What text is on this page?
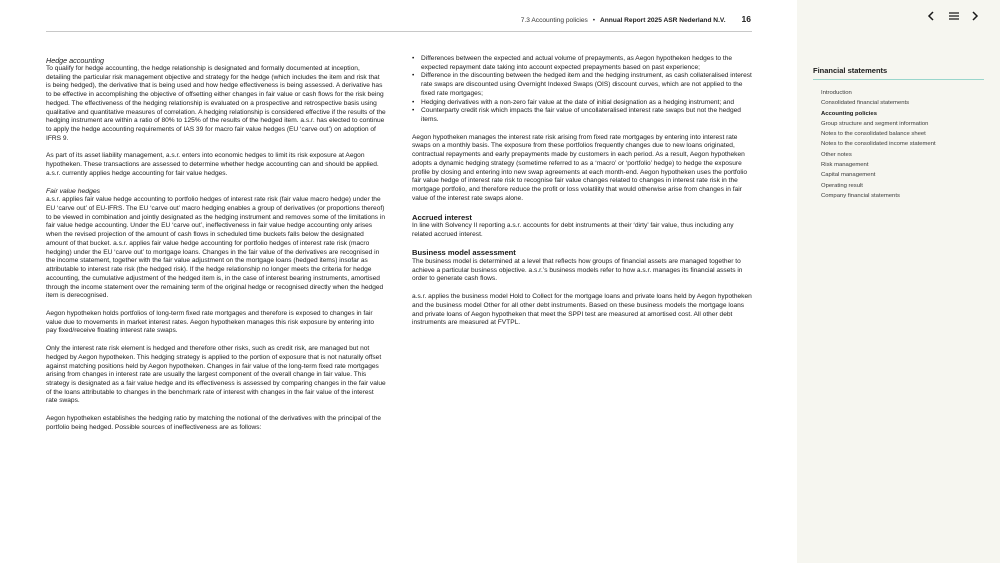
7.3 Accounting policies • Annual Report 2025 ASR Nederland N.V. 16
Hedge accounting

To qualify for hedge accounting, the hedge relationship is designated and formally documented at inception, detailing the particular risk management objective and strategy for the hedge (which includes the item and risk that is being hedged), the derivative that is being used and how hedge effectiveness is being assessed. A derivative has to be effective in accomplishing the objective of offsetting either changes in fair value or cash flows for the risk being hedged. The effectiveness of the hedging relationship is evaluated on a prospective and retrospective basis using qualitative and quantitative measures of correlation. A hedging relationship is considered effective if the results of the hedging instrument are within a ratio of 80% to 125% of the results of the hedged item. a.s.r. has elected to continue to apply the hedge accounting requirements of IAS 39 for macro fair value hedges (EU ‘carve out’) on adoption of IFRS 9.

As part of its asset liability management, a.s.r. enters into economic hedges to limit its risk exposure at Aegon hypotheken. These transactions are assessed to determine whether hedge accounting can and should be applied. a.s.r. currently applies hedge accounting for fair value hedges.

Fair value hedges

a.s.r. applies fair value hedge accounting to portfolio hedges of interest rate risk (fair value macro hedge) under the EU ‘carve out’ of EU-IFRS. The EU ‘carve out’ macro hedging enables a group of derivatives (or proportions thereof) to be viewed in combination and jointly designated as the hedging instrument and removes some of the limitations in fair value hedge accounting. Under the EU ‘carve out’, ineffectiveness in fair value hedge accounting only arises when the revised projection of the amount of cash flows in scheduled time buckets falls below the designated amount of that bucket. a.s.r. applies fair value hedge accounting for portfolio hedges of interest rate risk (macro hedging) under the EU ‘carve out’ to mortgage loans. Changes in the fair value of the derivatives are recognised in the income statement, together with the fair value adjustment on the mortgage loans (hedged items) insofar as attributable to interest rate risk (the hedged risk). If the hedge relationship no longer meets the criteria for hedge accounting, the cumulative adjustment of the hedged item is, in the case of interest bearing instruments, amortised through the income statement over the remaining term of the original hedge or recognised directly when the hedged item is derecognised.

Aegon hypotheken holds portfolios of long-term fixed rate mortgages and therefore is exposed to changes in fair value due to movements in market interest rates. Aegon hypotheken manages this risk exposure by entering into pay fixed/receive floating interest rate swaps.

Only the interest rate risk element is hedged and therefore other risks, such as credit risk, are managed but not hedged by Aegon hypotheken. This hedging strategy is applied to the portion of exposure that is not naturally offset against matching positions held by Aegon hypotheken. Changes in fair value of the long-term fixed rate mortgages arising from changes in interest rate are usually the largest component of the overall change in fair value. This strategy is designated as a fair value hedge and its effectiveness is assessed by comparing changes in the fair value of the loans attributable to changes in the benchmark rate of interest with changes in the fair value of the interest rate swaps.

Aegon hypotheken establishes the hedging ratio by matching the notional of the derivatives with the principal of the portfolio being hedged. Possible sources of ineffectiveness are as follows:

• Differences between the expected and actual volume of prepayments, as Aegon hypotheken hedges to the expected repayment date taking into account expected prepayments based on past experience;
• Difference in the discounting between the hedged item and the hedging instrument, as cash collateralised interest rate swaps are discounted using Overnight Indexed Swaps (OIS) discount curves, which are not applied to the fixed rate mortgages;
• Hedging derivatives with a non-zero fair value at the date of initial designation as a hedging instrument; and
• Counterparty credit risk which impacts the fair value of uncollateralised interest rate swaps but not the hedged items.

Aegon hypotheken manages the interest rate risk arising from fixed rate mortgages by entering into interest rate swaps on a monthly basis. The exposure from these portfolios frequently changes due to new loans originated, contractual repayments and early prepayments made by customers in each period. As a result, Aegon hypotheken adopts a dynamic hedging strategy (sometime referred to as a ‘macro’ or ‘portfolio’ hedge) to hedge the exposure profile by closing and entering into new swap agreements at each month-end. Aegon hypotheken uses the portfolio fair value hedge of interest rate risk to recognise fair value changes related to changes in interest rate risk in the mortgage portfolio, and therefore reduce the profit or loss volatility that would otherwise arise from changes in fair value of the interest rate swaps alone.

Accrued interest

In line with Solvency II reporting a.s.r. accounts for debt instruments at their ‘dirty’ fair value, thus including any related accrued interest.

Business model assessment

The business model is determined at a level that reflects how groups of financial assets are managed together to achieve a particular business objective. a.s.r.’s business models refer to how a.s.r. manages its financial assets in order to generate cash flows.

a.s.r. applies the business model Hold to Collect for the mortgage loans and private loans held by Aegon hypotheken and the business model Other for all other debt instruments. Based on these business models the mortgage loans and private loans of Aegon hypotheken that meet the SPPI test are measured at amortised cost. All other debt instruments are measured at FVTPL.

Financial statements
Introduction
Consolidated financial statements
Accounting policies
Group structure and segment information
Notes to the consolidated balance sheet
Notes to the consolidated income statement
Other notes
Risk management
Capital management
Operating result
Company financial statements
